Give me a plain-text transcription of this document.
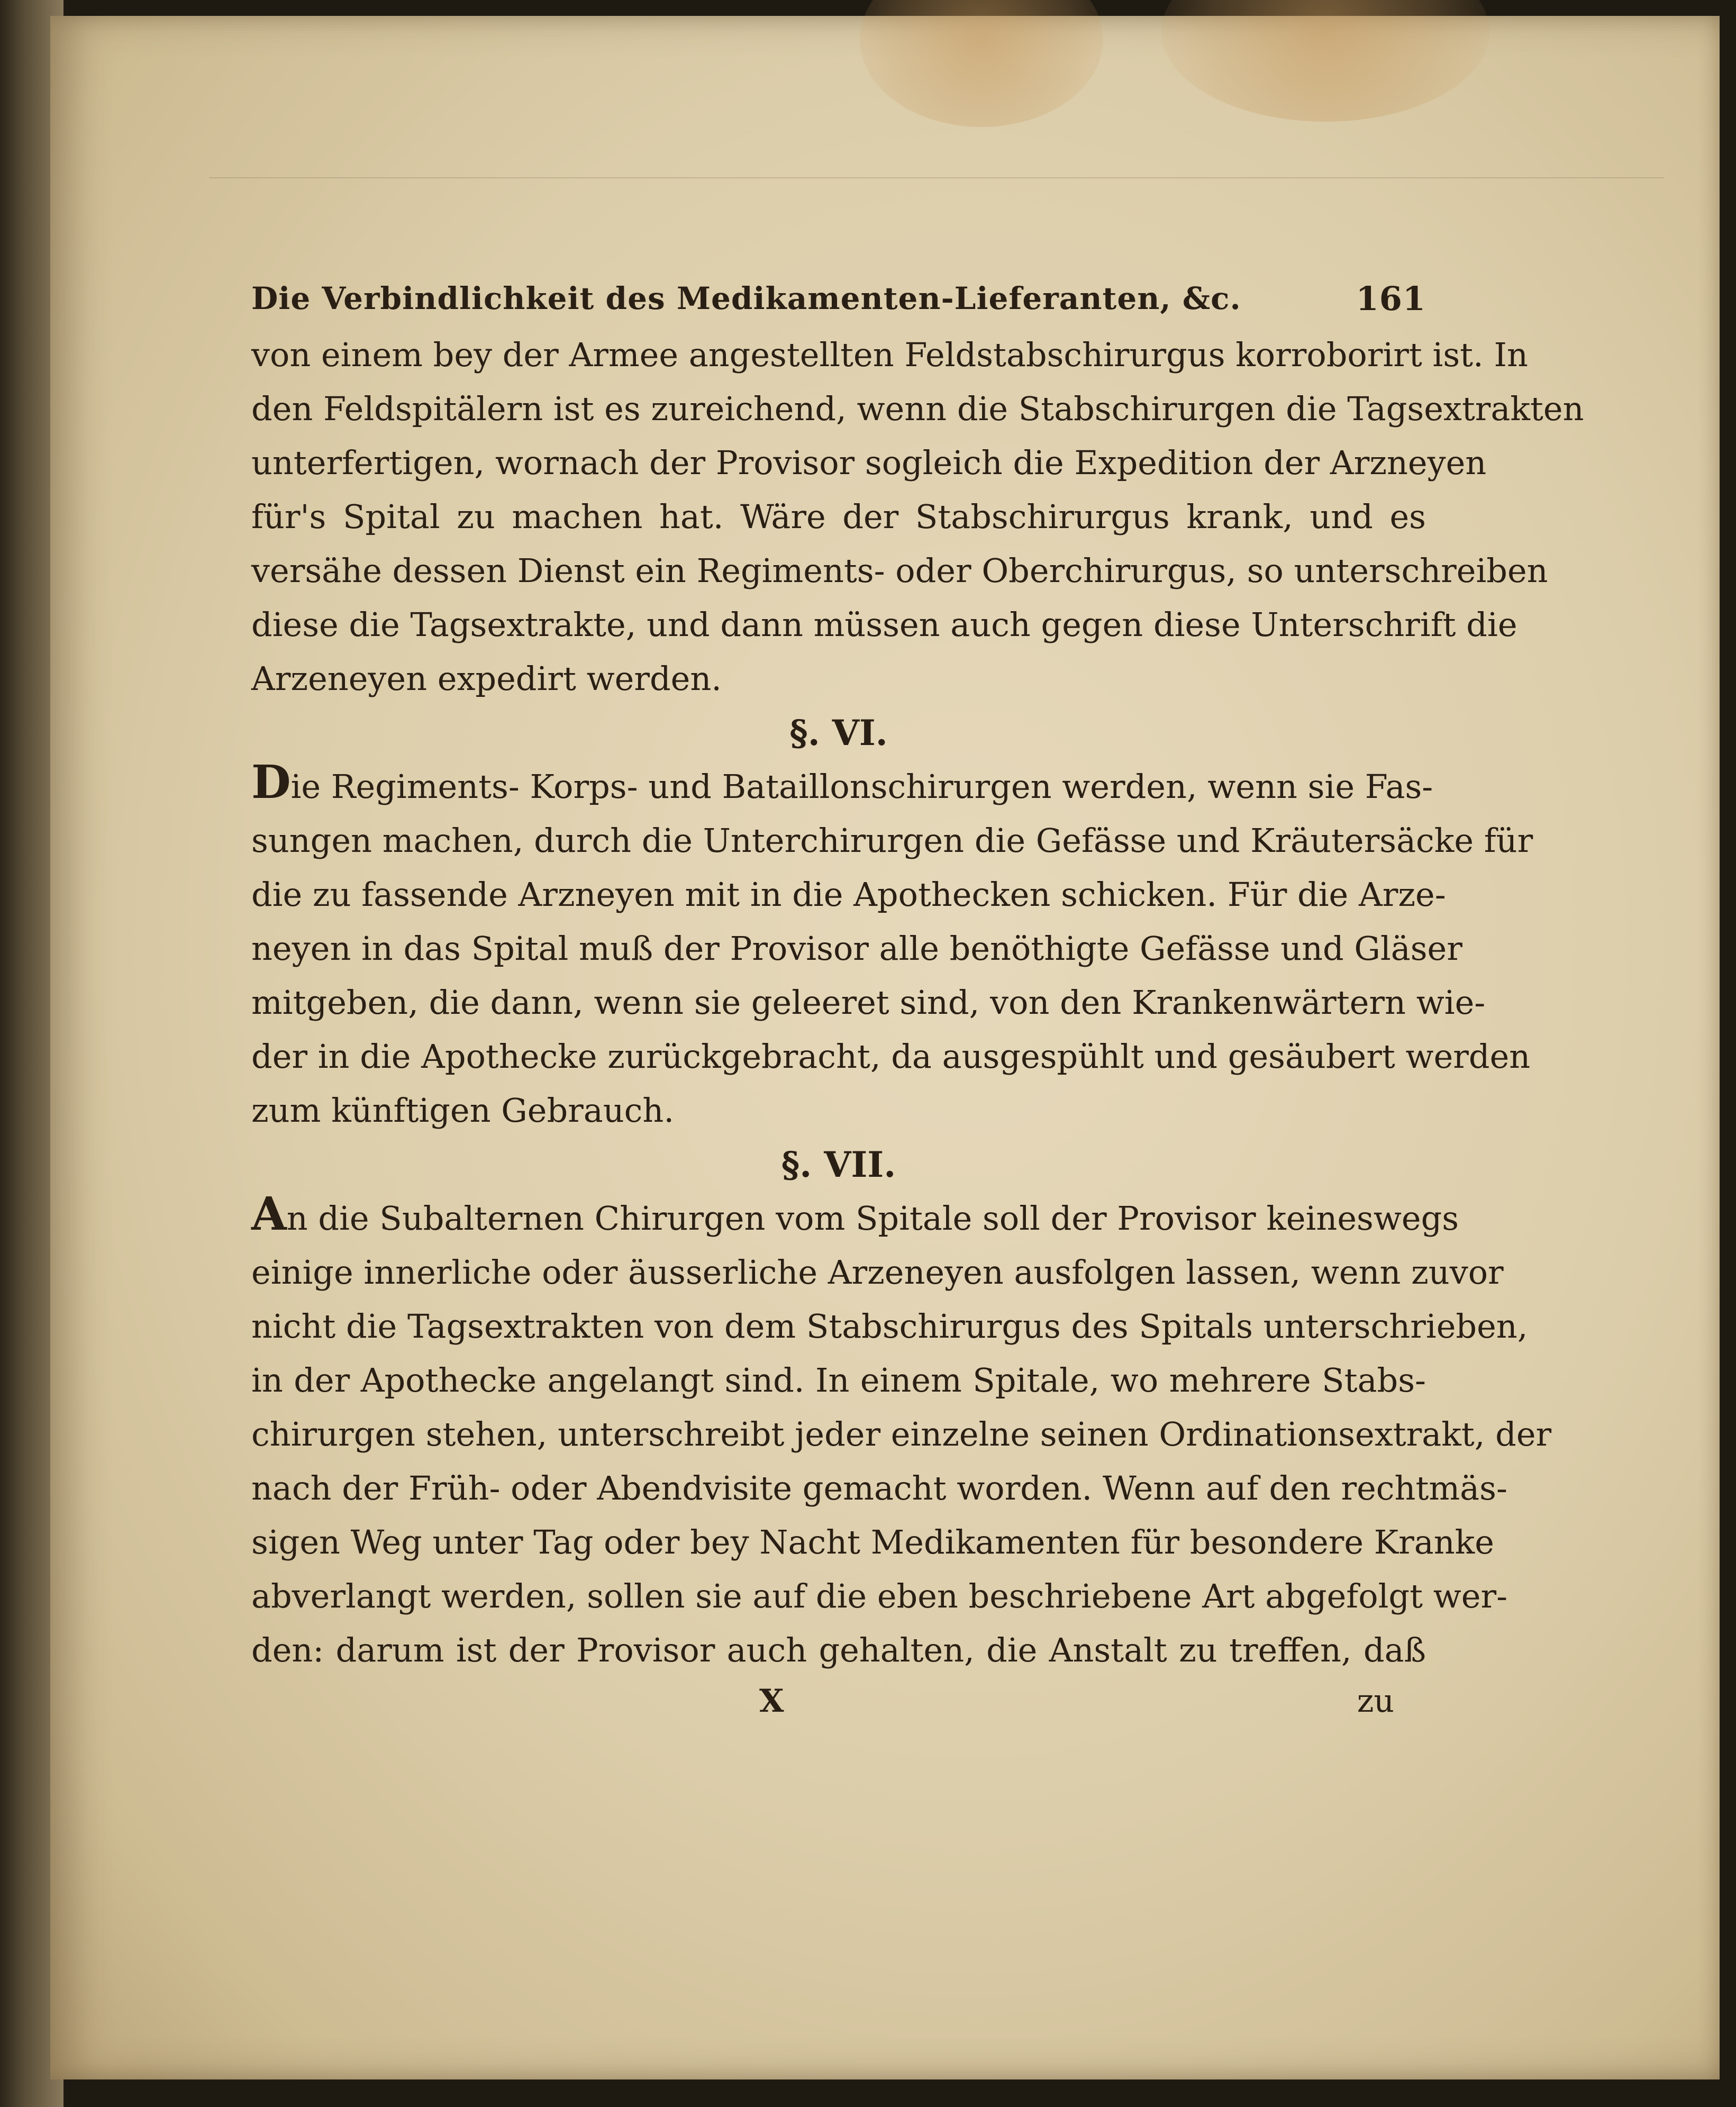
Die Verbindlichkeit des Medikamenten-Lieferanten, &c.	161
von einem bey der Armee angestellten Feldstabschirurgus korroborirt ist. In
den Feldspitälern ist es zureichend, wenn die Stabschirurgen die Tagsextrakten
unterfertigen, wornach der Provisor sogleich die Expedition der Arzneyen
für's Spital zu machen hat. Wäre der Stabschirurgus krank, und es
versähe dessen Dienst ein Regiments- oder Oberchirurgus, so unterschreiben
diese die Tagsextrakte, und dann müssen auch gegen diese Unterschrift die
Arzeneyen expedirt werden.
§. VI.
Die Regiments- Korps- und Bataillonschirurgen werden, wenn sie Fas-
sungen machen, durch die Unterchirurgen die Gefässe und Kräutersäcke für
die zu fassende Arzneyen mit in die Apothecken schicken. Für die Arze-
neyen in das Spital muß der Provisor alle benöthigte Gefässe und Gläser
mitgeben, die dann, wenn sie geleeret sind, von den Krankenwärtern wie-
der in die Apothecke zurückgebracht, da ausgespühlt und gesäubert werden
zum künftigen Gebrauch.
§. VII.
An die Subalternen Chirurgen vom Spitale soll der Provisor keineswegs
einige innerliche oder äusserliche Arzeneyen ausfolgen lassen, wenn zuvor
nicht die Tagsextrakten von dem Stabschirurgus des Spitals unterschrieben,
in der Apothecke angelangt sind. In einem Spitale, wo mehrere Stabs-
chirurgen stehen, unterschreibt jeder einzelne seinen Ordinationsextrakt, der
nach der Früh- oder Abendvisite gemacht worden. Wenn auf den rechtmäs-
sigen Weg unter Tag oder bey Nacht Medikamenten für besondere Kranke
abverlangt werden, sollen sie auf die eben beschriebene Art abgefolgt wer-
den: darum ist der Provisor auch gehalten, die Anstalt zu treffen, daß
X	zu
